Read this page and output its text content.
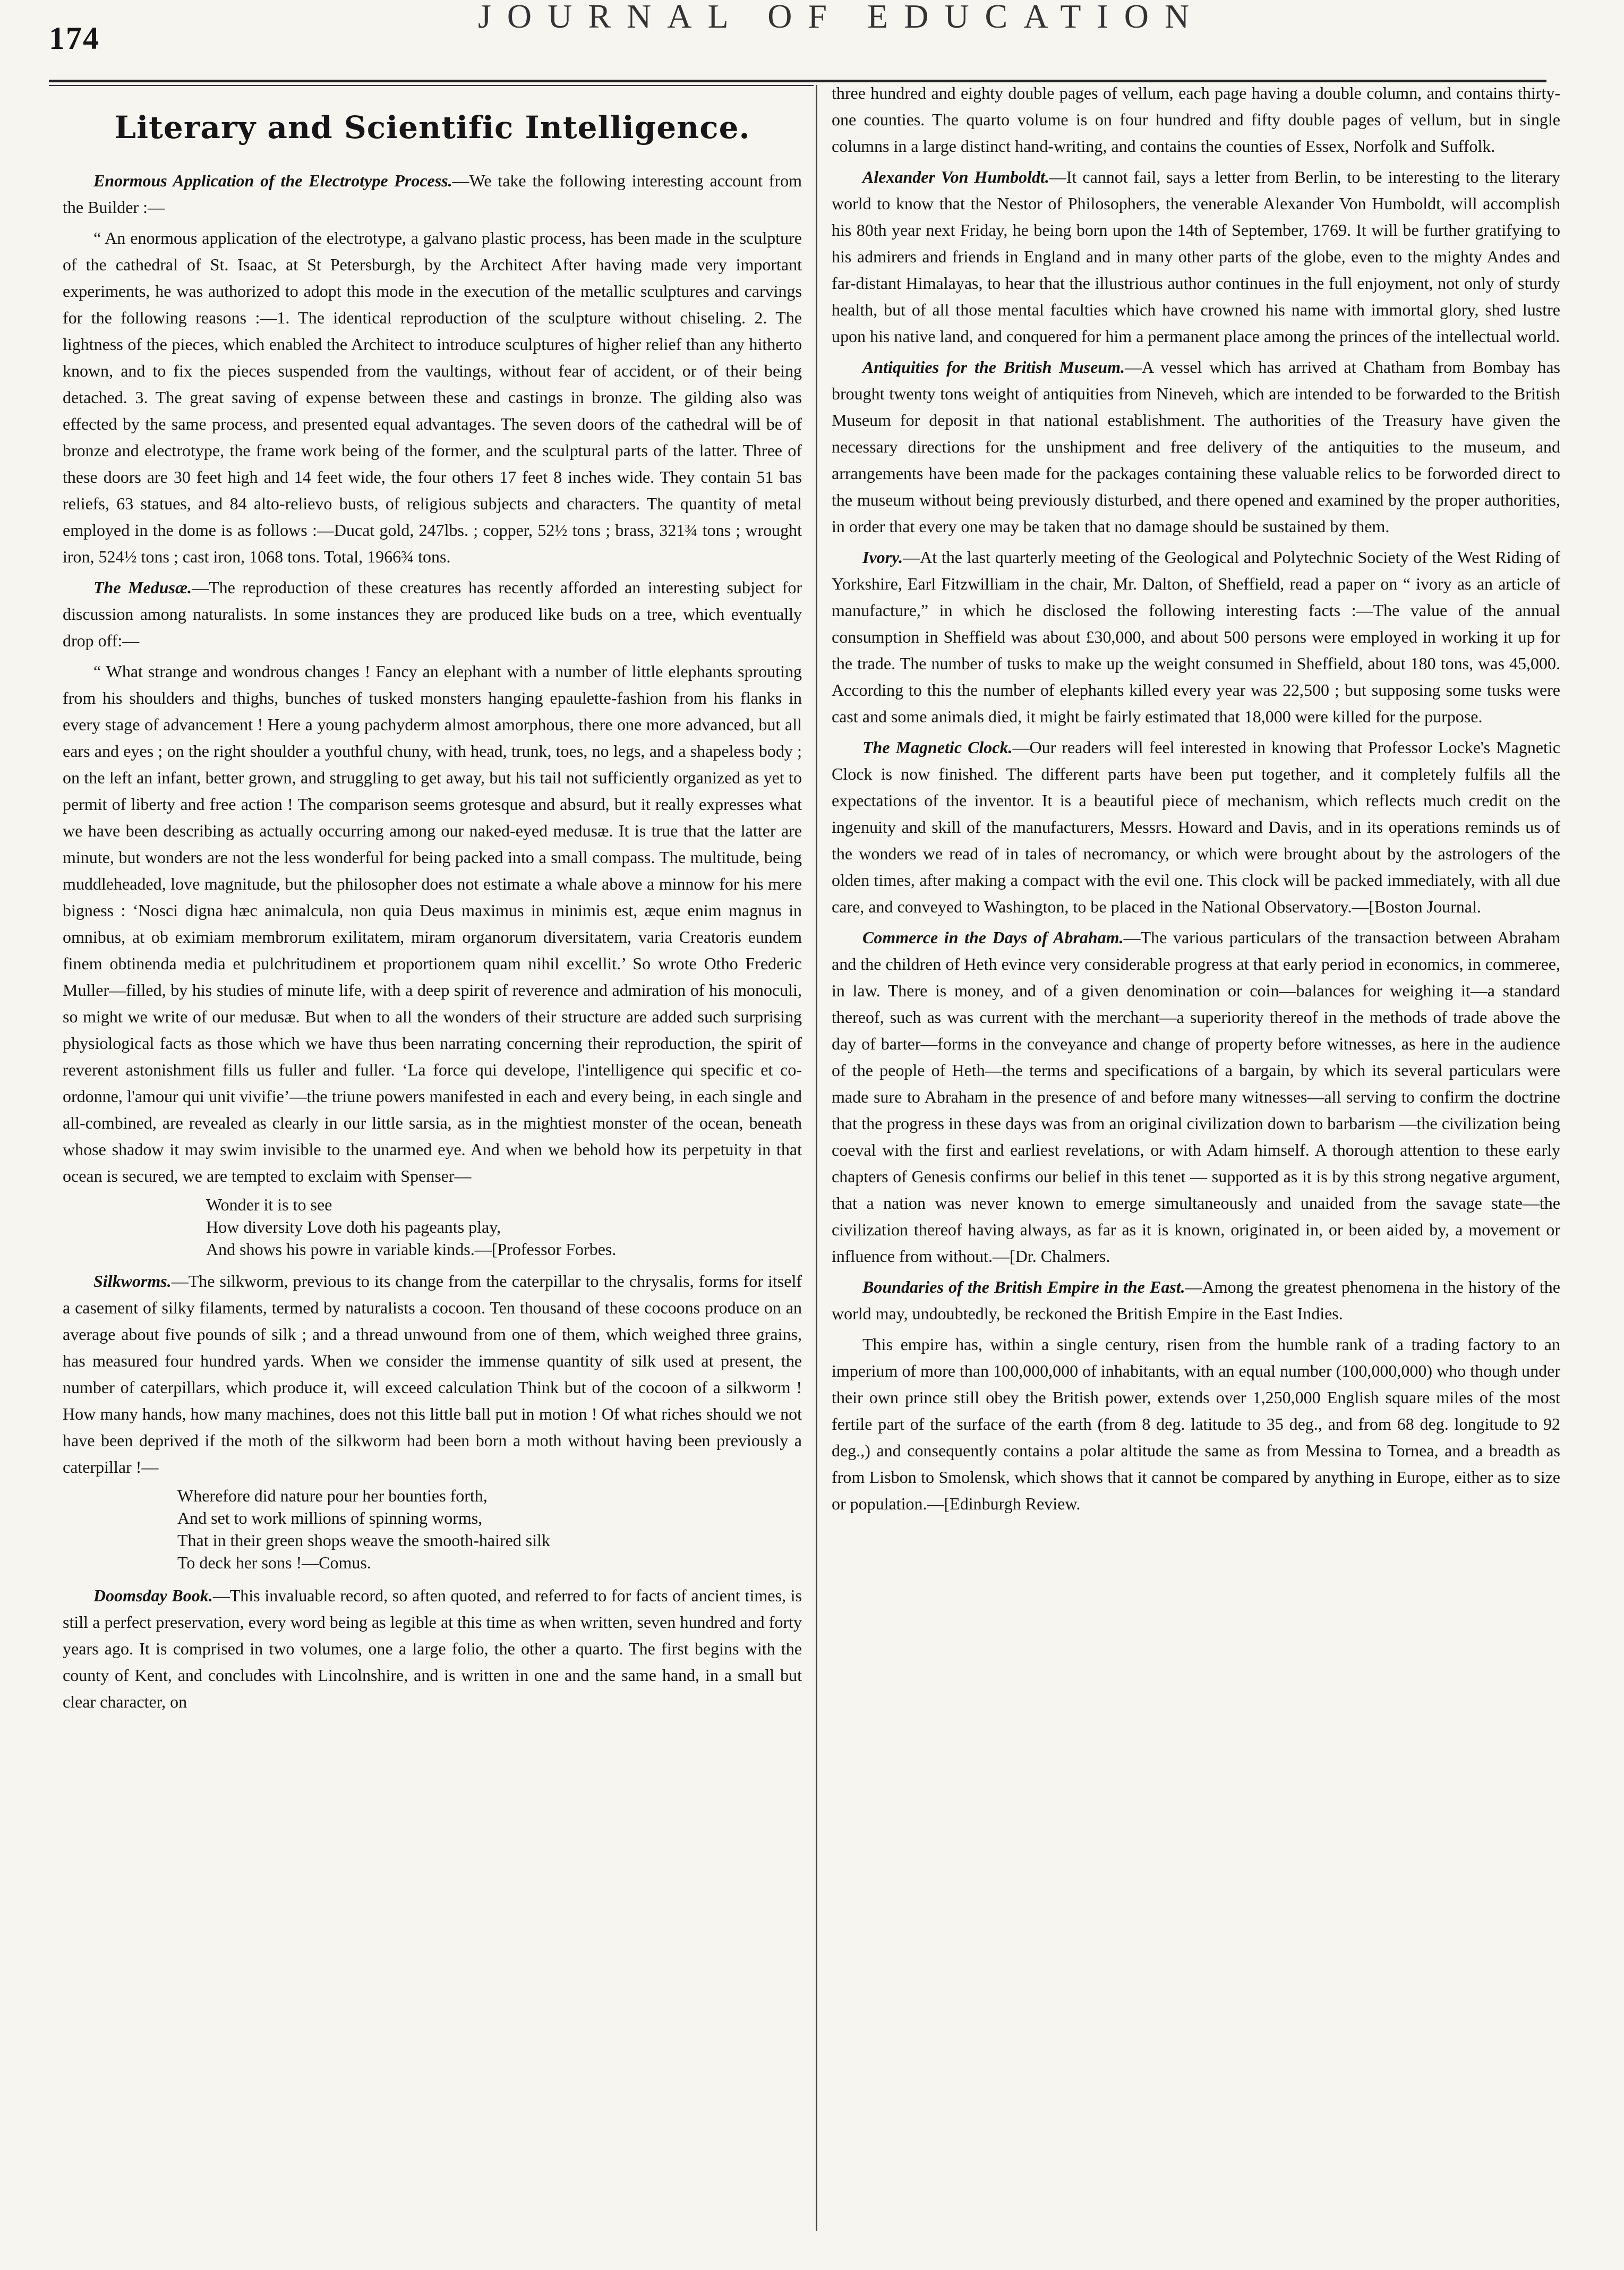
174
JOURNAL OF EDUCATION
Literary and Scientific Intelligence.

Enormous Application of the Electrotype Process.—We take the following interesting account from the Builder :—

“ An enormous application of the electrotype, a galvano plastic process, has been made in the sculpture of the cathedral of St. Isaac, at St Petersburgh, by the Architect After having made very important experiments, he was authorized to adopt this mode in the execution of the metallic sculptures and carvings for the following reasons :—1. The identical reproduction of the sculpture without chiseling. 2. The lightness of the pieces, which enabled the Architect to introduce sculptures of higher relief than any hitherto known, and to fix the pieces suspended from the vaultings, without fear of accident, or of their being detached. 3. The great saving of expense between these and castings in bronze. The gilding also was effected by the same process, and presented equal advantages. The seven doors of the cathedral will be of bronze and electrotype, the frame work being of the former, and the sculptural parts of the latter. Three of these doors are 30 feet high and 14 feet wide, the four others 17 feet 8 inches wide. They contain 51 bas reliefs, 63 statues, and 84 alto-relievo busts, of religious subjects and characters. The quantity of metal employed in the dome is as follows :—Ducat gold, 247lbs. ; copper, 52½ tons ; brass, 321¾ tons ; wrought iron, 524½ tons ; cast iron, 1068 tons. Total, 1966¾ tons.

The Medusæ.—The reproduction of these creatures has recently afforded an interesting subject for discussion among naturalists. In some instances they are produced like buds on a tree, which eventually drop off:—

“ What strange and wondrous changes ! Fancy an elephant with a number of little elephants sprouting from his shoulders and thighs, bunches of tusked monsters hanging epaulette-fashion from his flanks in every stage of advancement ! Here a young pachyderm almost amorphous, there one more advanced, but all ears and eyes ; on the right shoulder a youthful chuny, with head, trunk, toes, no legs, and a shapeless body ; on the left an infant, better grown, and struggling to get away, but his tail not sufficiently organized as yet to permit of liberty and free action ! The comparison seems grotesque and absurd, but it really expresses what we have been describing as actually occurring among our naked-eyed medusæ. It is true that the latter are minute, but wonders are not the less wonderful for being packed into a small compass. The multitude, being muddleheaded, love magnitude, but the philosopher does not estimate a whale above a minnow for his mere bigness : ‘Nosci digna hæc animalcula, non quia Deus maximus in minimis est, æque enim magnus in omnibus, at ob eximiam membrorum exilitatem, miram organorum diversitatem, varia Creatoris eundem finem obtinenda media et pulchritudinem et proportionem quam nihil excellit.’ So wrote Otho Frederic Muller—filled, by his studies of minute life, with a deep spirit of reverence and admiration of his monoculi, so might we write of our medusæ. But when to all the wonders of their structure are added such surprising physiological facts as those which we have thus been narrating concerning their reproduction, the spirit of reverent astonishment fills us fuller and fuller. ‘La force qui develope, l'intelligence qui specific et co-ordonne, l'amour qui unit vivifie’—the triune powers manifested in each and every being, in each single and all-combined, are revealed as clearly in our little sarsia, as in the mightiest monster of the ocean, beneath whose shadow it may swim invisible to the unarmed eye. And when we behold how its perpetuity in that ocean is secured, we are tempted to exclaim with Spenser—

Wonder it is to see
How diversity Love doth his pageants play,
And shows his powre in variable kinds.—[Professor Forbes.

Silkworms.—The silkworm, previous to its change from the caterpillar to the chrysalis, forms for itself a casement of silky filaments, termed by naturalists a cocoon. Ten thousand of these cocoons produce on an average about five pounds of silk ; and a thread unwound from one of them, which weighed three grains, has measured four hundred yards. When we consider the immense quantity of silk used at present, the number of caterpillars, which produce it, will exceed calculation Think but of the cocoon of a silkworm ! How many hands, how many machines, does not this little ball put in motion ! Of what riches should we not have been deprived if the moth of the silkworm had been born a moth without having been previously a caterpillar !—

Wherefore did nature pour her bounties forth,
And set to work millions of spinning worms,
That in their green shops weave the smooth-haired silk
To deck her sons !—Comus.

Doomsday Book.—This invaluable record, so aften quoted, and referred to for facts of ancient times, is still a perfect preservation, every word being as legible at this time as when written, seven hundred and forty years ago. It is comprised in two volumes, one a large folio, the other a quarto. The first begins with the county of Kent, and concludes with Lincolnshire, and is written in one and the same hand, in a small but clear character, on

three hundred and eighty double pages of vellum, each page having a double column, and contains thirty-one counties. The quarto volume is on four hundred and fifty double pages of vellum, but in single columns in a large distinct hand-writing, and contains the counties of Essex, Norfolk and Suffolk.

Alexander Von Humboldt.—It cannot fail, says a letter from Berlin, to be interesting to the literary world to know that the Nestor of Philosophers, the venerable Alexander Von Humboldt, will accomplish his 80th year next Friday, he being born upon the 14th of September, 1769. It will be further gratifying to his admirers and friends in England and in many other parts of the globe, even to the mighty Andes and far-distant Himalayas, to hear that the illustrious author continues in the full enjoyment, not only of sturdy health, but of all those mental faculties which have crowned his name with immortal glory, shed lustre upon his native land, and conquered for him a permanent place among the princes of the intellectual world.

Antiquities for the British Museum.—A vessel which has arrived at Chatham from Bombay has brought twenty tons weight of antiquities from Nineveh, which are intended to be forwarded to the British Museum for deposit in that national establishment. The authorities of the Treasury have given the necessary directions for the unshipment and free delivery of the antiquities to the museum, and arrangements have been made for the packages containing these valuable relics to be forworded direct to the museum without being previously disturbed, and there opened and examined by the proper authorities, in order that every one may be taken that no damage should be sustained by them.

Ivory.—At the last quarterly meeting of the Geological and Polytechnic Society of the West Riding of Yorkshire, Earl Fitzwilliam in the chair, Mr. Dalton, of Sheffield, read a paper on “ ivory as an article of manufacture,” in which he disclosed the following interesting facts :—The value of the annual consumption in Sheffield was about £30,000, and about 500 persons were employed in working it up for the trade. The number of tusks to make up the weight consumed in Sheffield, about 180 tons, was 45,000. According to this the number of elephants killed every year was 22,500 ; but supposing some tusks were cast and some animals died, it might be fairly estimated that 18,000 were killed for the purpose.

The Magnetic Clock.—Our readers will feel interested in knowing that Professor Locke's Magnetic Clock is now finished. The different parts have been put together, and it completely fulfils all the expectations of the inventor. It is a beautiful piece of mechanism, which reflects much credit on the ingenuity and skill of the manufacturers, Messrs. Howard and Davis, and in its operations reminds us of the wonders we read of in tales of necromancy, or which were brought about by the astrologers of the olden times, after making a compact with the evil one. This clock will be packed immediately, with all due care, and conveyed to Washington, to be placed in the National Observatory.—[Boston Journal.

Commerce in the Days of Abraham.—The various particulars of the transaction between Abraham and the children of Heth evince very considerable progress at that early period in economics, in commeree, in law. There is money, and of a given denomination or coin—balances for weighing it—a standard thereof, such as was current with the merchant—a superiority thereof in the methods of trade above the day of barter—forms in the conveyance and change of property before witnesses, as here in the audience of the people of Heth—the terms and specifications of a bargain, by which its several particulars were made sure to Abraham in the presence of and before many witnesses—all serving to confirm the doctrine that the progress in these days was from an original civilization down to barbarism —the civilization being coeval with the first and earliest revelations, or with Adam himself. A thorough attention to these early chapters of Genesis confirms our belief in this tenet — supported as it is by this strong negative argument, that a nation was never known to emerge simultaneously and unaided from the savage state—the civilization thereof having always, as far as it is known, originated in, or been aided by, a movement or influence from without.—[Dr. Chalmers.

Boundaries of the British Empire in the East.—Among the greatest phenomena in the history of the world may, undoubtedly, be reckoned the British Empire in the East Indies.

This empire has, within a single century, risen from the humble rank of a trading factory to an imperium of more than 100,000,000 of inhabitants, with an equal number (100,000,000) who though under their own prince still obey the British power, extends over 1,250,000 English square miles of the most fertile part of the surface of the earth (from 8 deg. latitude to 35 deg., and from 68 deg. longitude to 92 deg.,) and consequently contains a polar altitude the same as from Messina to Tornea, and a breadth as from Lisbon to Smolensk, which shows that it cannot be compared by anything in Europe, either as to size or population.—[Edinburgh Review.
